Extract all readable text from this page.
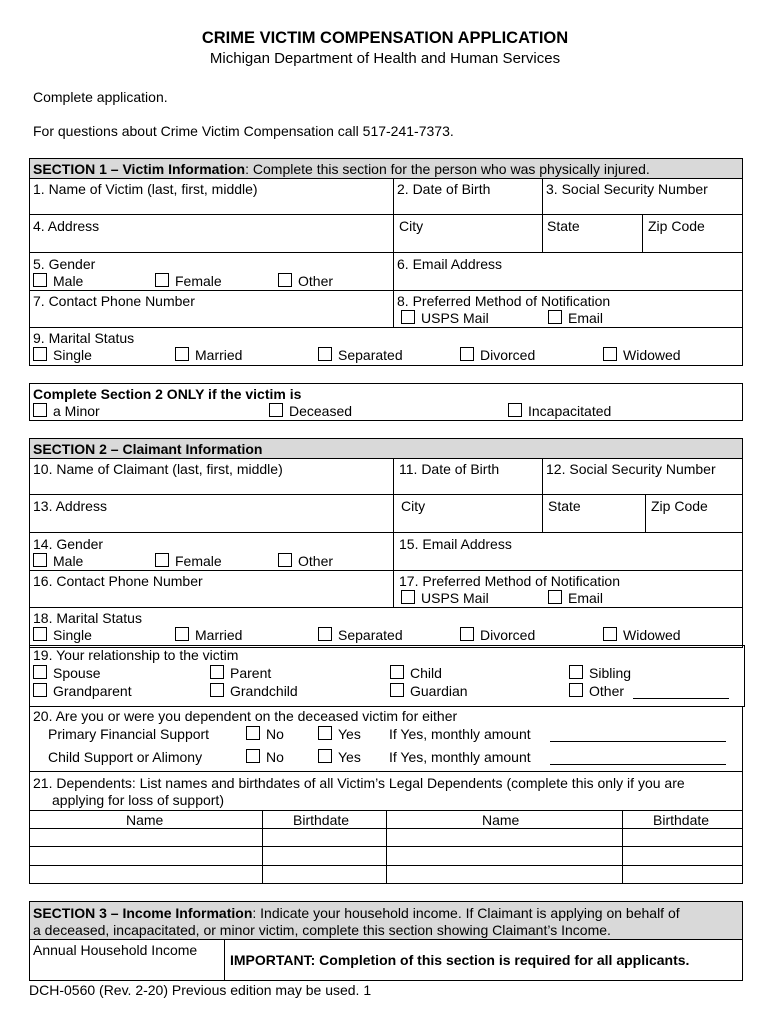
CRIME VICTIM COMPENSATION APPLICATION
Michigan Department of Health and Human Services
Complete application.
For questions about Crime Victim Compensation call 517-241-7373.
SECTION 1 – Victim Information: Complete this section for the person who was physically injured.
1. Name of Victim (last, first, middle)	2. Date of Birth	3. Social Security Number
4. Address	City	State	Zip Code
5. Gender
Male	Female	Other
6. Email Address
7. Contact Phone Number	8. Preferred Method of Notification
USPS Mail	Email
9. Marital Status
Single	Married	Separated	Divorced	Widowed
Complete Section 2 ONLY if the victim is
a Minor	Deceased	Incapacitated
SECTION 2 – Claimant Information
10. Name of Claimant (last, first, middle)	11. Date of Birth	12. Social Security Number
13. Address	City	State	Zip Code
14. Gender
Male	Female	Other
15. Email Address
16. Contact Phone Number	17. Preferred Method of Notification
USPS Mail	Email
18. Marital Status
Single	Married	Separated	Divorced	Widowed
19. Your relationship to the victim
Spouse	Parent	Child	Sibling
Grandparent	Grandchild	Guardian	Other
20. Are you or were you dependent on the deceased victim for either
Primary Financial Support	No	Yes If Yes, monthly amount
Child Support or Alimony	No	Yes If Yes, monthly amount
21. Dependents: List names and birthdates of all Victim’s Legal Dependents (complete this only if you are
applying for loss of support)
Name	Birthdate	Name	Birthdate
SECTION 3 – Income Information: Indicate your household income. If Claimant is applying on behalf of
a deceased, incapacitated, or minor victim, complete this section showing Claimant’s Income.
Annual Household Income
IMPORTANT: Completion of this section is required for all applicants.
DCH-0560 (Rev. 2-20) Previous edition may be used. 1
